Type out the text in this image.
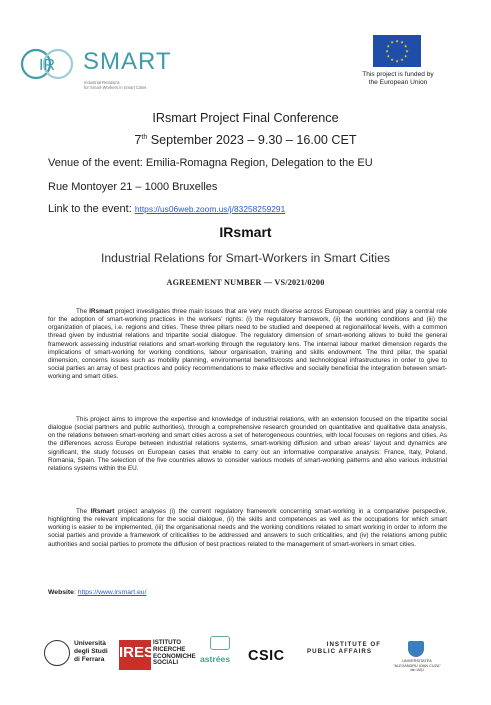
IR SMART
Industrial Relations
for Smart-Workers in Smart Cities
★
★
★
★
★
★
★
★
★ ★ ★
★
This project is funded by
the European Union
IRsmart Project Final Conference
7th September 2023 – 9.30 – 16.00 CET
Venue of the event: Emilia-Romagna Region, Delegation to the EU
Rue Montoyer 21 – 1000 Bruxelles
Link to the event: https://us06web.zoom.us/j/83258259291
IRsmart
Industrial Relations for Smart-Workers in Smart Cities
AGREEMENT NUMBER — VS/2021/0200

The IRsmart project investigates three main issues that are very much diverse across European countries and play a central role for the adoption of smart-working practices in the workers' rights: (i) the regulatory framework, (ii) the working conditions and (iii) the organization of places, i.e. regions and cities. These three pillars need to be studied and deepened at regional/local levels, with a common thread given by industrial relations and tripartite social dialogue. The regulatory dimension of smart-working allows to build the general framework assessing industrial relations and smart-working through the regulatory lens. The internal labour market dimension regards the implications of smart-working for working conditions, labour organisation, training and skills endowment. The third pillar, the spatial dimension, concerns issues such as mobility planning, environmental benefits/costs and technological infrastructures in order to give to social parties an array of best practices and policy recommendations to make effective and socially beneficial the integration between smart-working and smart cities.

This project aims to improve the expertise and knowledge of industrial relations, with an extension focused on the tripartite social dialogue (social partners and public authorities), through a comprehensive research grounded on quantitative and qualitative data analysis, on the relations between smart-working and smart cities across a set of heterogeneous countries, with local focuses on regions and cities. As the differences across Europe between industrial relations systems, smart-working diffusion and urban areas' layout and dynamics are significant, the study focuses on European cases that enable to carry out an informative comparative analysis: France, Italy, Poland, Romania, Spain. The selection of the five countries allows to consider various models of smart-working patterns and also various industrial relations systems within the EU.

The IRsmart project analyses (i) the current regulatory framework concerning smart-working in a comparative perspective, highlighting the relevant implications for the social dialogue, (ii) the skills and competences as well as the occupations for which smart working is easier to be implemented, (iii) the organisational needs and the working conditions related to smart working in order to inform the social parties and provide a framework of criticalities to be addressed and answers to such criticalities, and (iv) the relations among public authorities and social parties to promote the diffusion of best practices related to the management of smart-workers in smart cities.

Website: https://www.irsmart.eu/
Università
degli Studi
di Ferrara IRES
ISTITUTO
RICERCHE
ECONOMICHE
SOCIALI	astrées CSIC
INSTITUTE OF
PUBLIC AFFAIRS
UNIVERSITATEA
"ALEXANDRU IOAN CUZA"
din IAŞI
